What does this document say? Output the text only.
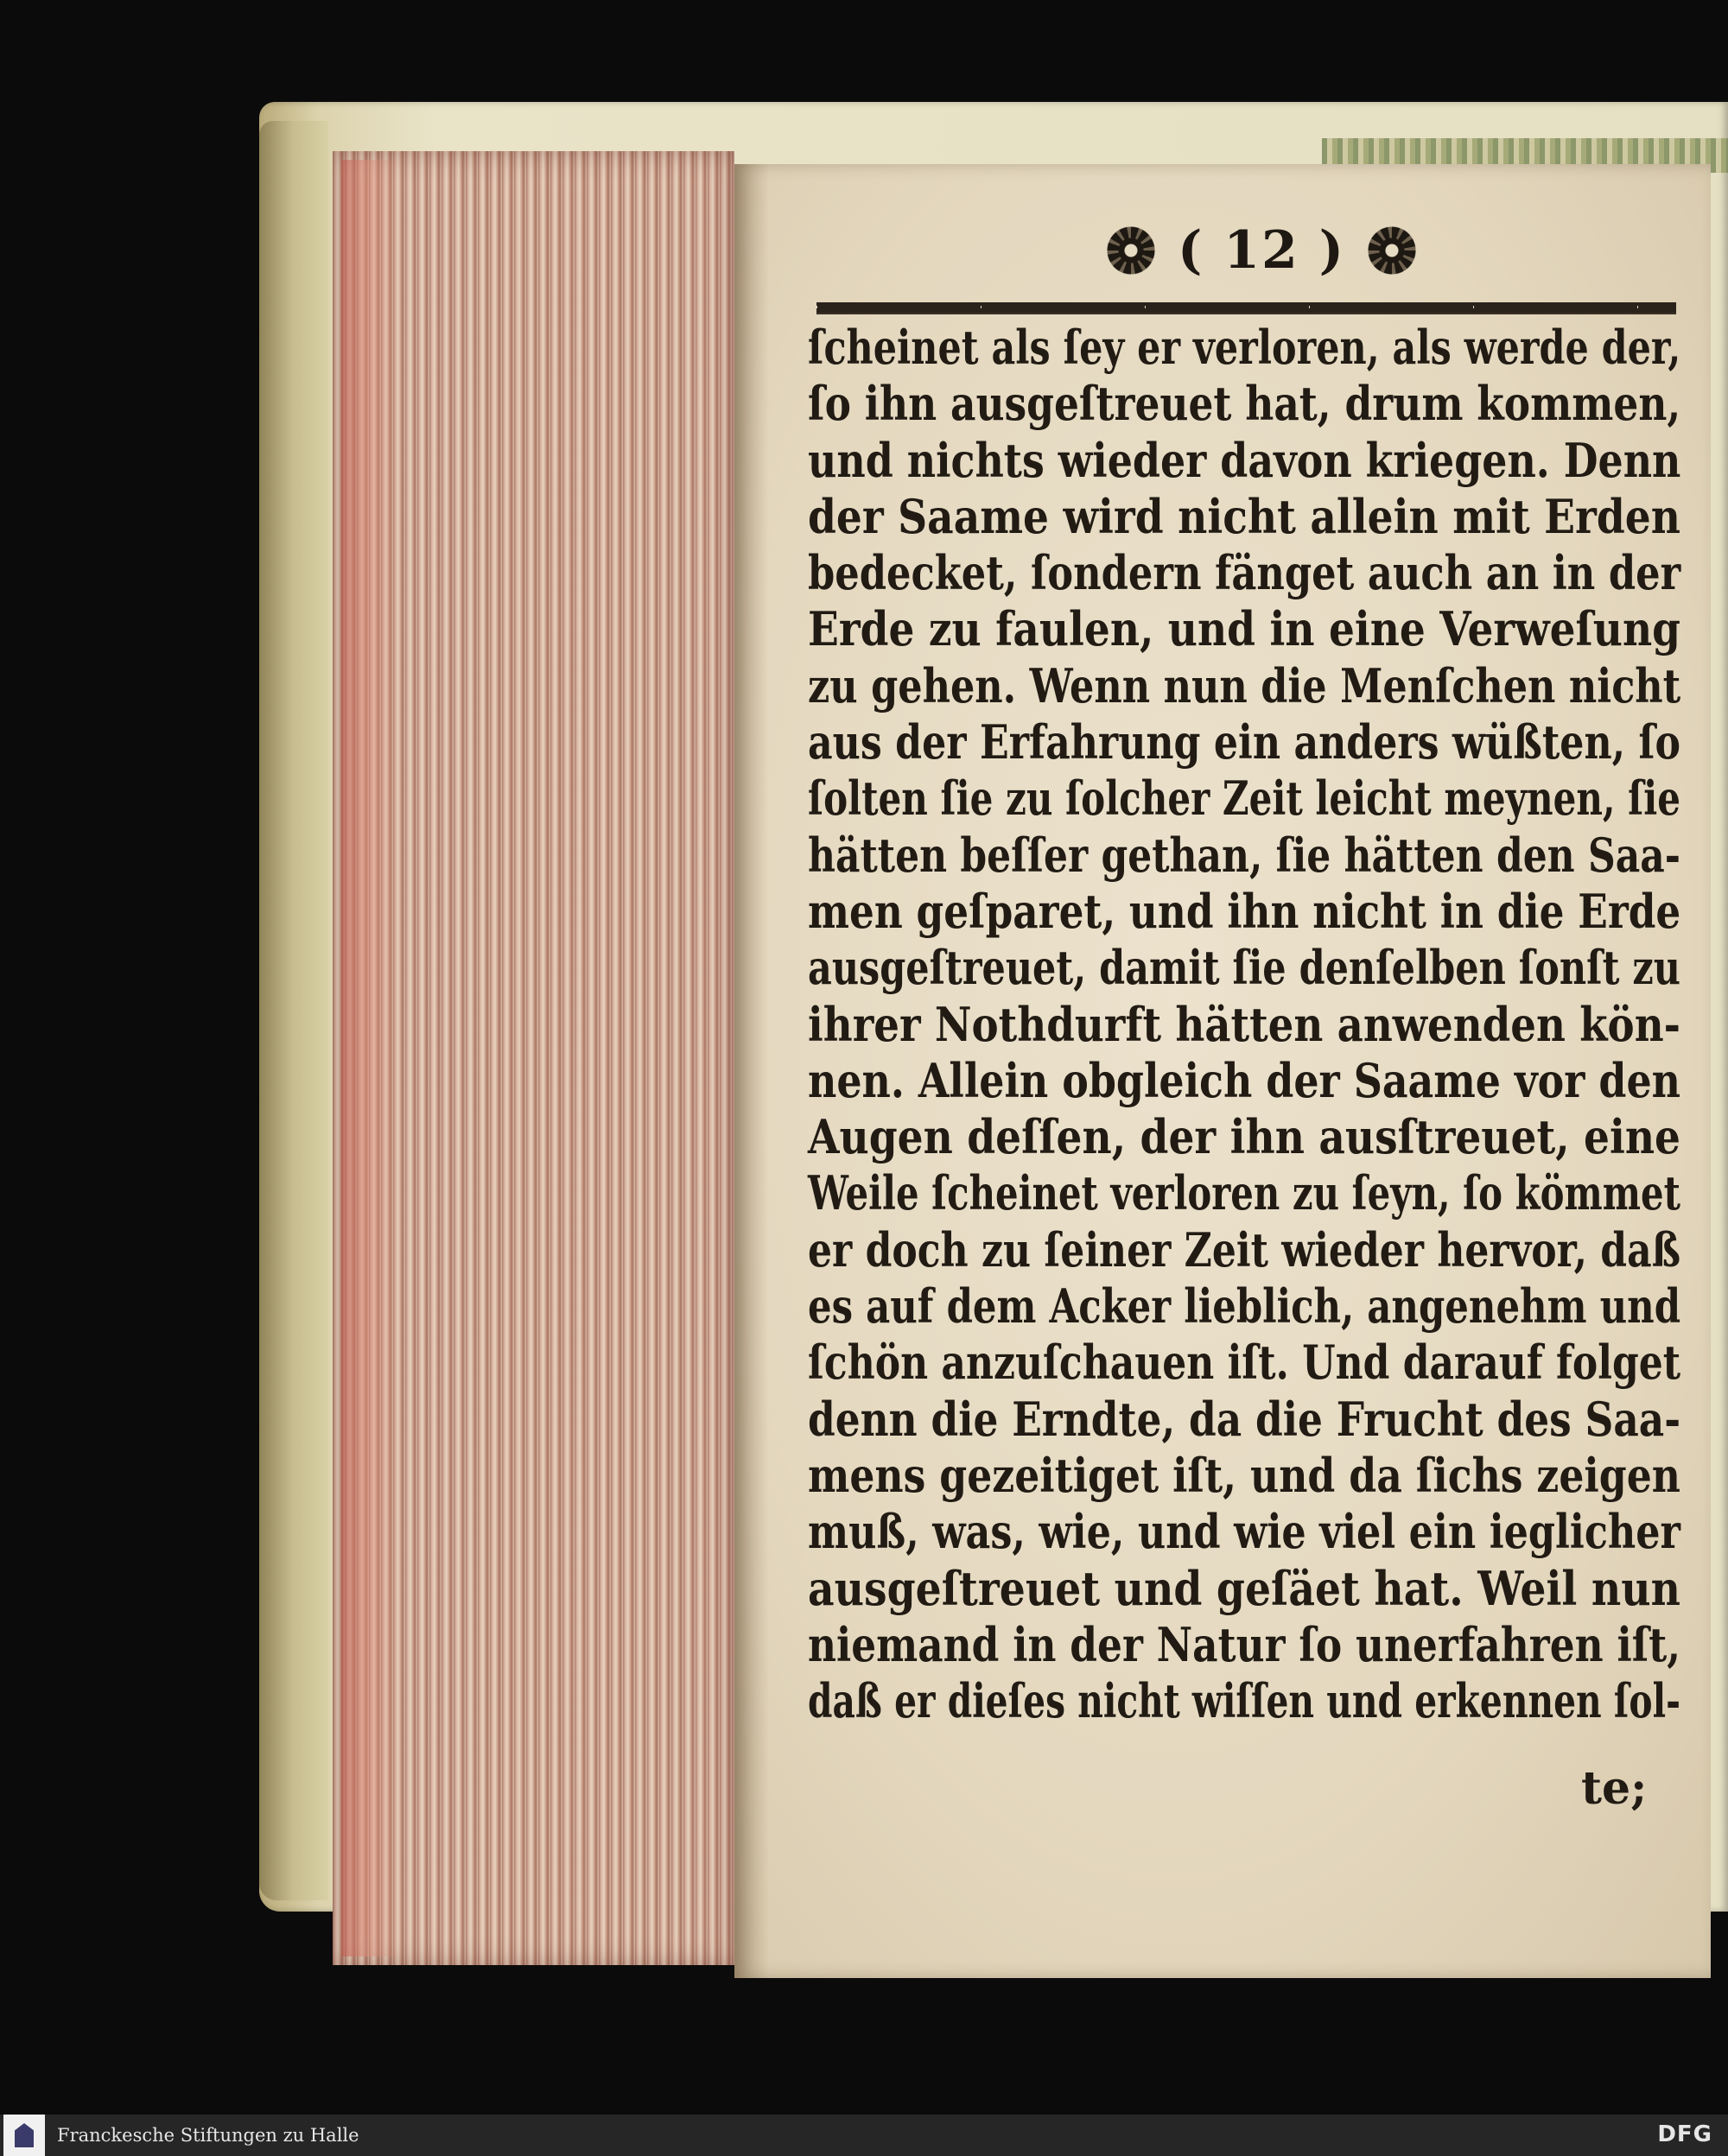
( 12 )
ſcheinet als ſey er verloren, als werde der,
ſo ihn ausgeſtreuet hat, drum kommen,
und nichts wieder davon kriegen. Denn
der Saame wird nicht allein mit Erden
bedecket, ſondern fänget auch an in der
Erde zu faulen, und in eine Verweſung
zu gehen. Wenn nun die Menſchen nicht
aus der Erfahrung ein anders wüßten, ſo
ſolten ſie zu ſolcher Zeit leicht meynen, ſie
hätten beſſer gethan, ſie hätten den Saa-
men geſparet, und ihn nicht in die Erde
ausgeſtreuet, damit ſie denſelben ſonſt zu
ihrer Nothdurft hätten anwenden kön-
nen. Allein obgleich der Saame vor den
Augen deſſen, der ihn ausſtreuet, eine
Weile ſcheinet verloren zu ſeyn, ſo kömmet
er doch zu ſeiner Zeit wieder hervor, daß
es auf dem Acker lieblich, angenehm und
ſchön anzuſchauen iſt. Und darauf folget
denn die Erndte, da die Frucht des Saa-
mens gezeitiget iſt, und da ſichs zeigen
muß, was, wie, und wie viel ein ieglicher
ausgeſtreuet und geſäet hat. Weil nun
niemand in der Natur ſo unerfahren iſt,
daß er dieſes nicht wiſſen und erkennen ſol-
te;
Franckesche Stiftungen zu Halle	DFG
